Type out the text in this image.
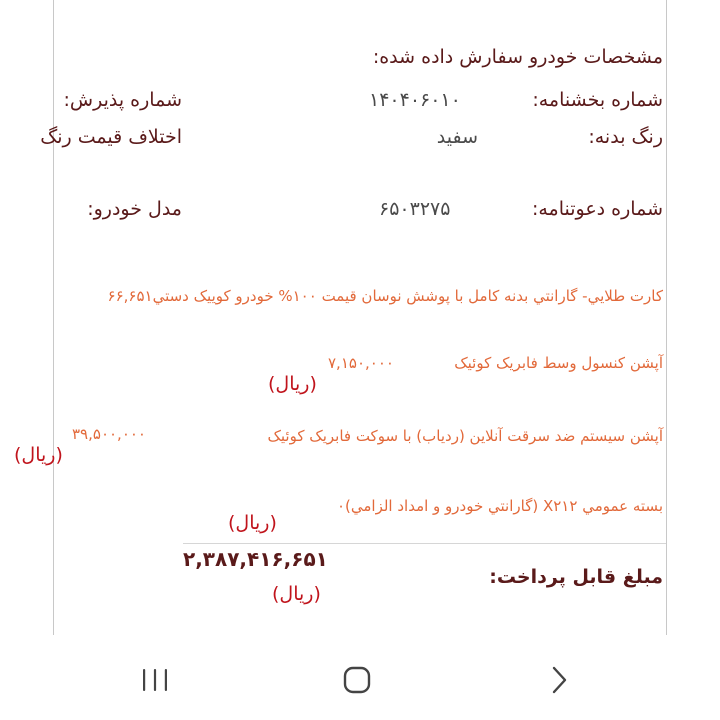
مشخصات خودرو سفارش داده شده:
شماره بخشنامه:
۱۴۰۴۰۶۰۱۰
شماره پذیرش:
رنگ بدنه:
سفید
اختلاف قیمت رنگ
شماره دعوتنامه:
۶۵۰۳۲۷۵
مدل خودرو:
کارت طلايي- گارانتي بدنه کامل با پوشش نوسان قيمت ۱۰۰% خودرو کوييک دستي۶۶,۶۵۱
آپشن کنسول وسط فابريک کوئيک
۷,۱۵۰,۰۰۰
(ريال)
آپشن سيستم ضد سرقت آنلاين (ردياب) با سوکت فابريک کوئيک
۳۹,۵۰۰,۰۰۰
(ريال)
بسته عمومي X۲۱۲ (گارانتي خودرو و امداد الزامي)۰
(ريال)
مبلغ قابل پرداخت:
۲,۳۸۷,۴۱۶,۶۵۱
(ريال)
